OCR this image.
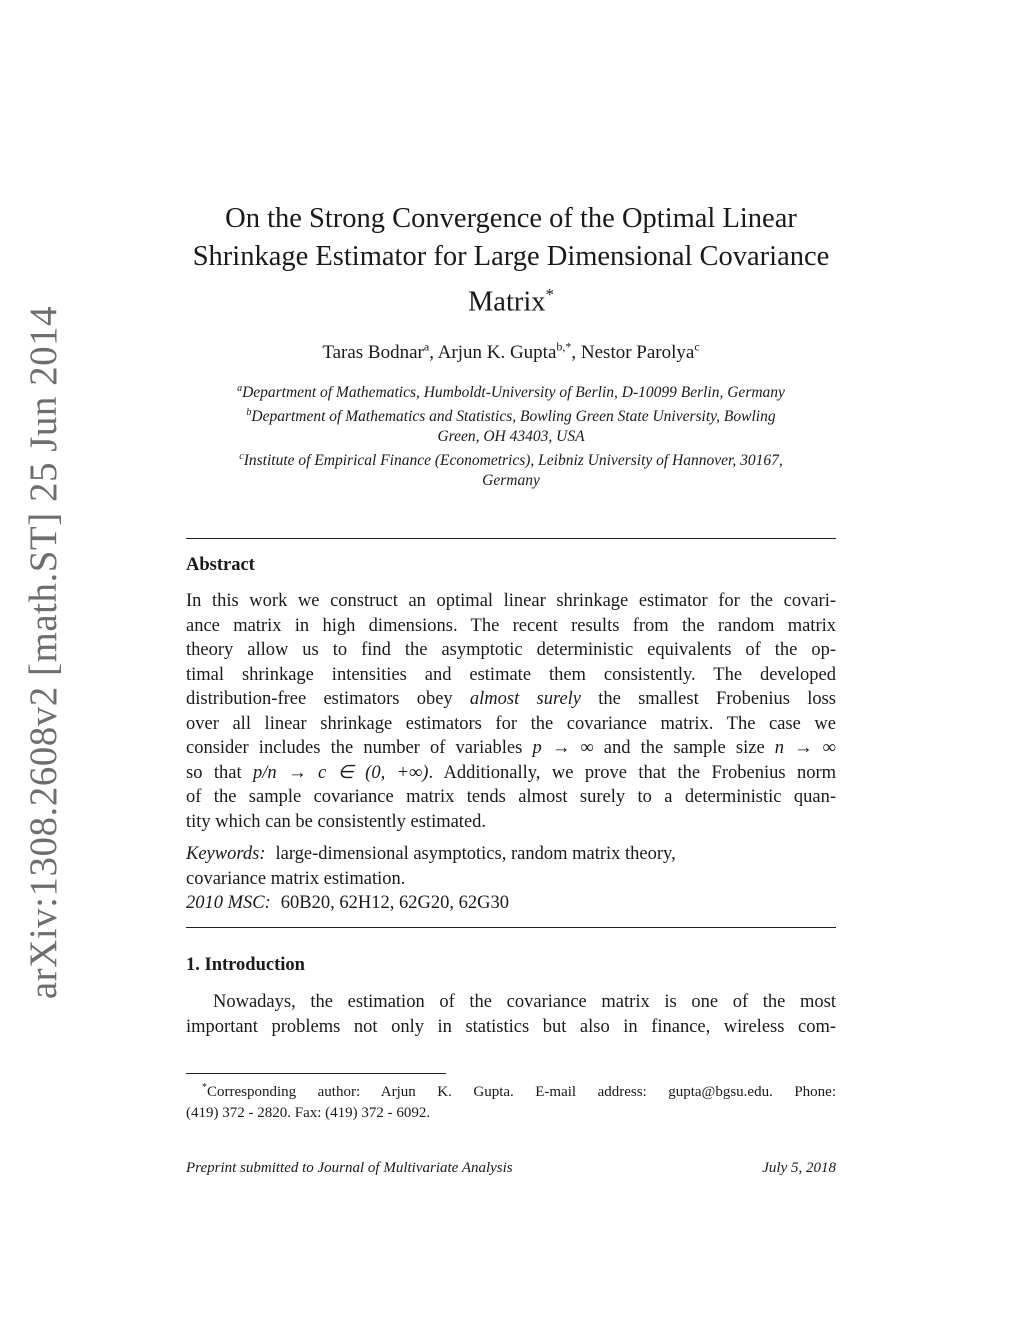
arXiv:1308.2608v2 [math.ST] 25 Jun 2014
On the Strong Convergence of the Optimal Linear
Shrinkage Estimator for Large Dimensional Covariance
Matrix*
Taras Bodnar$^a$, Arjun K. Gupta$^{b,*}$, Nestor Parolya$^c$

$^a$Department of Mathematics, Humboldt-University of Berlin, D-10099 Berlin, Germany

$^b$Department of Mathematics and Statistics, Bowling Green State University, Bowling
Green, OH 43403, USA

$^c$Institute of Empirical Finance (Econometrics), Leibniz University of Hannover, 30167,
Germany

Abstract
In this work we construct an optimal linear shrinkage estimator for the covari-
ance matrix in high dimensions. The recent results from the random matrix
theory allow us to find the asymptotic deterministic equivalents of the op-
timal shrinkage intensities and estimate them consistently. The developed
distribution-free estimators obey almost surely the smallest Frobenius loss
over all linear shrinkage estimators for the covariance matrix. The case we
consider includes the number of variables p → ∞ and the sample size n → ∞
so that p/n → c ∈ (0, +∞). Additionally, we prove that the Frobenius norm
of the sample covariance matrix tends almost surely to a deterministic quan-
tity which can be consistently estimated.

Keywords: large-dimensional asymptotics, random matrix theory,

covariance matrix estimation.

2010 MSC: 60B20, 62H12, 62G20, 62G30

1. Introduction
Nowadays, the estimation of the covariance matrix is one of the most
important problems not only in statistics but also in finance, wireless com-
*Corresponding author: Arjun K. Gupta. E-mail address: gupta@bgsu.edu. Phone:
(419) 372 - 2820. Fax: (419) 372 - 6092.
Preprint submitted to Journal of Multivariate Analysis	July 5, 2018
